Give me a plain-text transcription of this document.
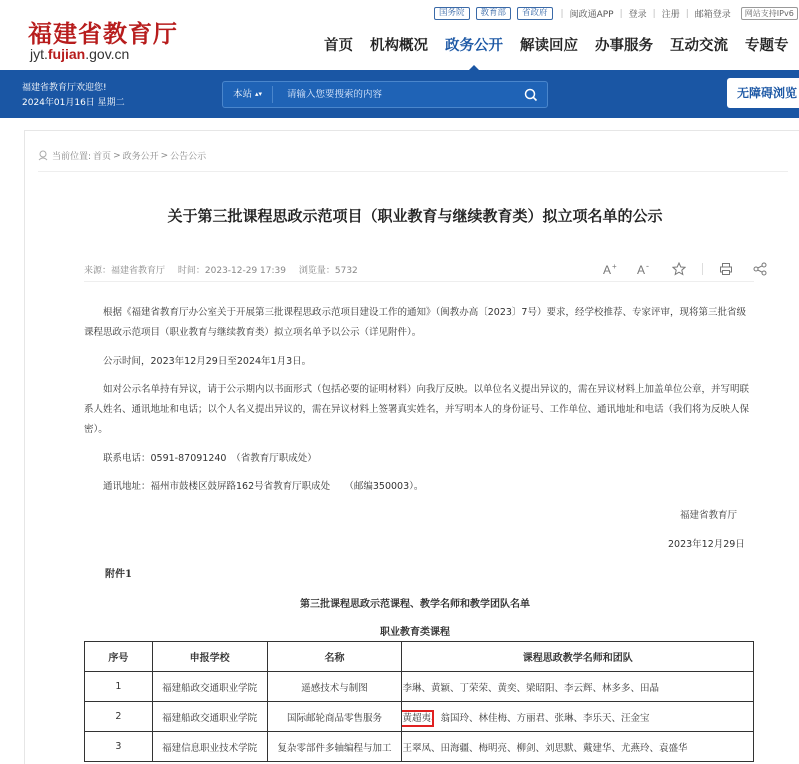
福建省教育厅
jyt.fujian.gov.cn
国务院	教育部	省政府	| 闽政通APP | 登录 | 注册 | 邮箱登录	网站支持IPv6
首页 机构概况 政务公开 解读回应 办事服务 互动交流 专题专
福建省教育厅欢迎您!
2024年01月16日 星期二
本站 ▴▾
请输入您要搜索的内容	无障碍浏览
当前位置: 首页 > 政务公开 > 公告公示
关于第三批课程思政示范项目（职业教育与继续教育类）拟立项名单的公示
来源：福建省教育厅 时间：2023-12-29 17:39 浏览量：5732	A + A -
根据《福建省教育厅办公室关于开展第三批课程思政示范项目建设工作的通知》（闽教办高〔2023〕7号）要求，经学校推荐、专家评审，现将第三批省级课程思政示范项目（职业教育与继续教育类）拟立项名单予以公示（详见附件）。
公示时间，2023年12月29日至2024年1月3日。
如对公示名单持有异议，请于公示期内以书面形式（包括必要的证明材料）向我厅反映。以单位名义提出异议的，需在异议材料上加盖单位公章，并写明联系人姓名、通讯地址和电话；以个人名义提出异议的，需在异议材料上签署真实姓名，并写明本人的身份证号、工作单位、通讯地址和电话（我们将为反映人保密）。
联系电话：0591-87091240　（省教育厅职成处）
通讯地址：福州市鼓楼区鼓屏路162号省教育厅职成处　　（邮编350003）。
福建省教育厅
2023年12月29日
附件1
第三批课程思政示范课程、教学名师和教学团队名单
职业教育类课程
序号	申报学校	名称	课程思政教学名师和团队
1	福建船政交通职业学院	遥感技术与制图	李琳、黄颖、丁荣荣、黄奕、梁昭阳、李云辉、林多多、田晶
2	福建船政交通职业学院	国际邮轮商品零售服务	黄超夷、翁国玲、林佳梅、方丽君、张琳、李乐天、汪金宝
3	福建信息职业技术学院	复杂零部件多轴编程与加工	王翠凤、田海疆、梅明亮、柳剑、刘思默、戴建华、尤燕玲、袁盛华
